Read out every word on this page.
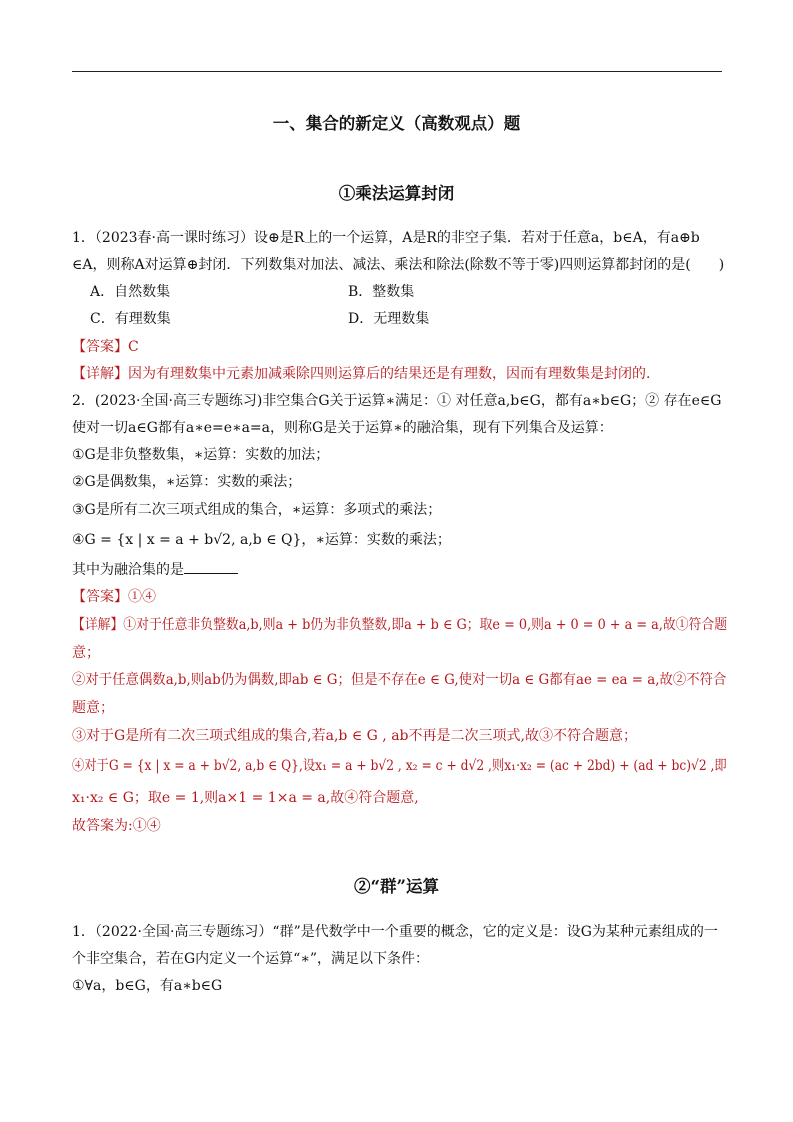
一、集合的新定义（高数观点）题
①乘法运算封闭
1．（2023春·高一课时练习）设⊕是R上的一个运算，A是R的非空子集．若对于任意a，b∈A，有a⊕b
∈A，则称A对运算⊕封闭．下列数集对加法、减法、乘法和除法(除数不等于零)四则运算都封闭的是(　　)
A．自然数集	B．整数集
C．有理数集	D．无理数集
【答案】C
【详解】因为有理数集中元素加减乘除四则运算后的结果还是有理数，因而有理数集是封闭的.
2．(2023·全国·高三专题练习)非空集合G关于运算∗满足：① 对任意a,b∈G，都有a∗b∈G；② 存在e∈G
使对一切a∈G都有a∗e=e∗a=a，则称G是关于运算∗的融洽集，现有下列集合及运算：
①G是非负整数集，∗运算：实数的加法；
②G是偶数集，∗运算：实数的乘法；
③G是所有二次三项式组成的集合，∗运算：多项式的乘法；
④G = {x | x = a + b√2, a,b ∈ Q}，∗运算：实数的乘法；
其中为融洽集的是
【答案】①④
【详解】①对于任意非负整数a,b,则a + b仍为非负整数,即a + b ∈ G；取e = 0,则a + 0 = 0 + a = a,故①符合题
意；
②对于任意偶数a,b,则ab仍为偶数,即ab ∈ G；但是不存在e ∈ G,使对一切a ∈ G都有ae = ea = a,故②不符合
题意；
③对于G是所有二次三项式组成的集合,若a,b ∈ G , ab不再是二次三项式,故③不符合题意；
④对于G = {x | x = a + b√2, a,b ∈ Q},设x₁ = a + b√2 , x₂ = c + d√2 ,则x₁·x₂ = (ac + 2bd) + (ad + bc)√2 ,即
x₁·x₂ ∈ G；取e = 1,则a×1 = 1×a = a,故④符合题意,
故答案为:①④
②“群”运算
1．（2022·全国·高三专题练习）“群”是代数学中一个重要的概念，它的定义是：设G为某种元素组成的一
个非空集合，若在G内定义一个运算“∗”，满足以下条件：
①∀a，b∈G，有a∗b∈G
